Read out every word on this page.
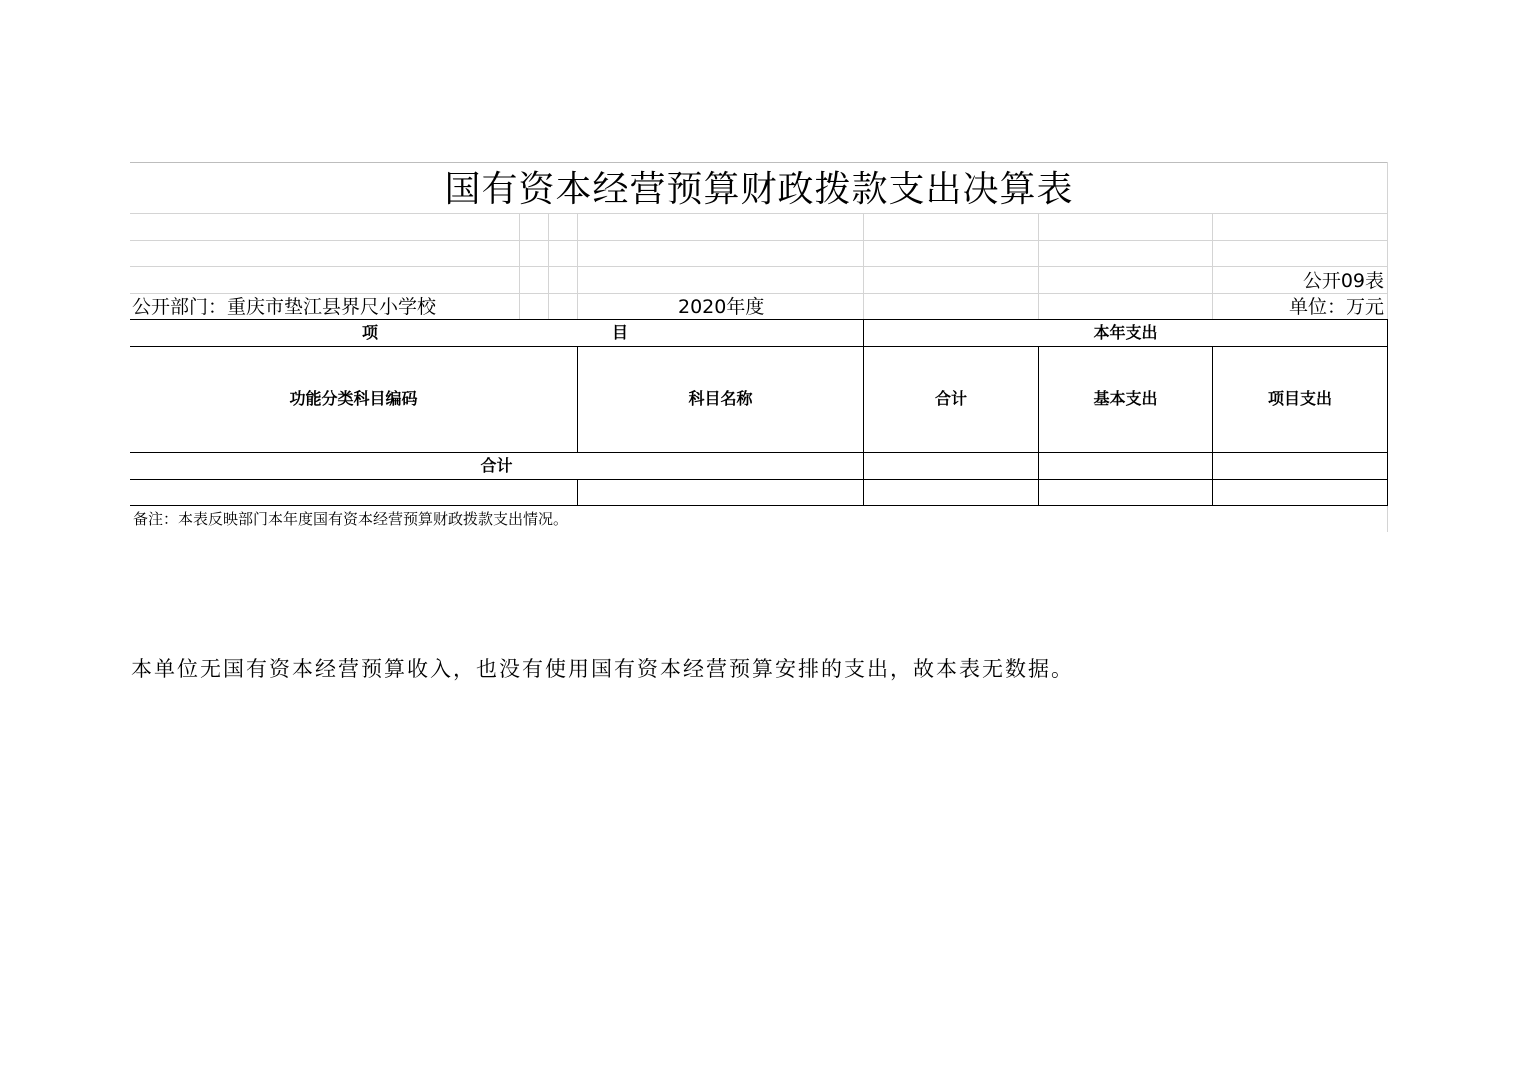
国有资本经营预算财政拨款支出决算表
公开09表
公开部门：重庆市垫江县界尺小学校	2020年度	单位：万元
项	目	本年支出
功能分类科目编码	科目名称	合计	基本支出	项目支出
合计
备注：本表反映部门本年度国有资本经营预算财政拨款支出情况。
本单位无国有资本经营预算收入，也没有使用国有资本经营预算安排的支出，故本表无数据。
